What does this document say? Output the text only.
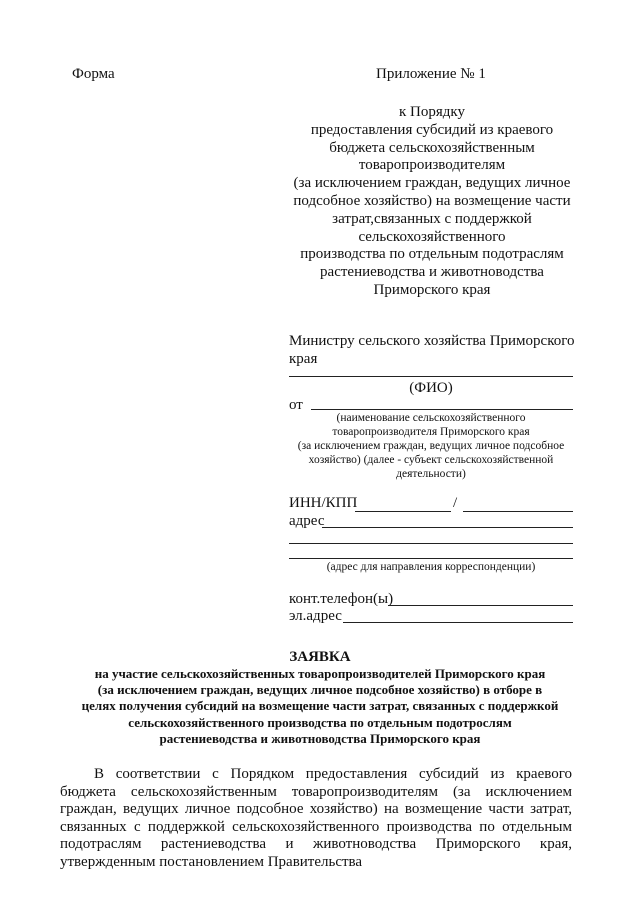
Форма	Приложение № 1
к Порядку
предоставления субсидий из краевого
бюджета сельскохозяйственным
товаропроизводителям
(за исключением граждан, ведущих личное
подсобное хозяйство) на возмещение части
затрат,связанных с поддержкой
сельскохозяйственного
производства по отдельным подотраслям
растениеводства и животноводства
Приморского края
Министру сельского хозяйства Приморского
края
(ФИО)
от
(наименование сельскохозяйственного
товаропроизводителя Приморского края
(за исключением граждан, ведущих личное подсобное
хозяйство) (далее - субъект сельскохозяйственной
деятельности)
ИНН/КПП	/
адрес
(адрес для направления корреспонденции)
конт.телефон(ы)
эл.адрес
ЗАЯВКА
на участие сельскохозяйственных товаропроизводителей Приморского края
(за исключением граждан, ведущих личное подсобное хозяйство) в отборе в
целях получения субсидий на возмещение части затрат, связанных с поддержкой
сельскохозяйственного производства по отдельным подотрослям
растениеводства и животноводства Приморского края
В соответствии с Порядком предоставления субсидий из краевого бюджета сельскохозяйственным товаропроизводителям (за исключением граждан, ведущих личное подсобное хозяйство) на возмещение части затрат, связанных с поддержкой сельскохозяйственного производства по отдельным подотраслям растениеводства и животноводства Приморского края, утвержденным постановлением Правительства
